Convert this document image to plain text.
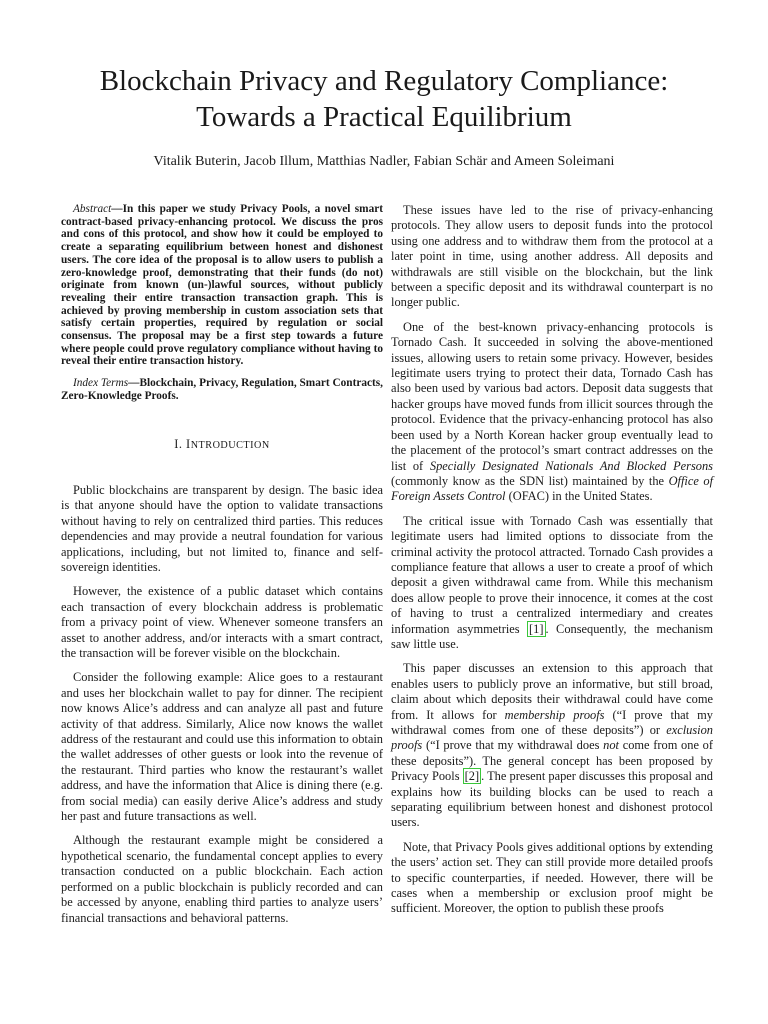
Blockchain Privacy and Regulatory Compliance:
Towards a Practical Equilibrium
Vitalik Buterin, Jacob Illum, Matthias Nadler, Fabian Schär and Ameen Soleimani

Abstract—In this paper we study Privacy Pools, a novel smart contract-based privacy-enhancing protocol. We discuss the pros and cons of this protocol, and show how it could be employed to create a separating equilibrium between honest and dishonest users. The core idea of the proposal is to allow users to publish a zero-knowledge proof, demonstrating that their funds (do not) originate from known (un-)lawful sources, without publicly revealing their entire transaction transaction graph. This is achieved by proving membership in custom association sets that satisfy certain properties, required by regulation or social consensus. The proposal may be a first step towards a future where people could prove regulatory compliance without having to reveal their entire transaction history.

Index Terms—Blockchain, Privacy, Regulation, Smart Contracts, Zero-Knowledge Proofs.

I. INTRODUCTION

Public blockchains are transparent by design. The basic idea is that anyone should have the option to validate transactions without having to rely on centralized third parties. This reduces dependencies and may provide a neutral foundation for various applications, including, but not limited to, finance and self-sovereign identities.

However, the existence of a public dataset which contains each transaction of every blockchain address is problematic from a privacy point of view. Whenever someone transfers an asset to another address, and/or interacts with a smart contract, the transaction will be forever visible on the blockchain.

Consider the following example: Alice goes to a restaurant and uses her blockchain wallet to pay for dinner. The recipient now knows Alice’s address and can analyze all past and future activity of that address. Similarly, Alice now knows the wallet address of the restaurant and could use this information to obtain the wallet addresses of other guests or look into the revenue of the restaurant. Third parties who know the restaurant’s wallet address, and have the information that Alice is dining there (e.g. from social media) can easily derive Alice’s address and study her past and future transactions as well.

Although the restaurant example might be considered a hypothetical scenario, the fundamental concept applies to every transaction conducted on a public blockchain. Each action performed on a public blockchain is publicly recorded and can be accessed by anyone, enabling third parties to analyze users’ financial transactions and behavioral patterns.

These issues have led to the rise of privacy-enhancing protocols. They allow users to deposit funds into the protocol using one address and to withdraw them from the protocol at a later point in time, using another address. All deposits and withdrawals are still visible on the blockchain, but the link between a specific deposit and its withdrawal counterpart is no longer public.

One of the best-known privacy-enhancing protocols is Tornado Cash. It succeeded in solving the above-mentioned issues, allowing users to retain some privacy. However, besides legitimate users trying to protect their data, Tornado Cash has also been used by various bad actors. Deposit data suggests that hacker groups have moved funds from illicit sources through the protocol. Evidence that the privacy-enhancing protocol has also been used by a North Korean hacker group eventually lead to the placement of the protocol’s smart contract addresses on the list of Specially Designated Nationals And Blocked Persons (commonly know as the SDN list) maintained by the Office of Foreign Assets Control (OFAC) in the United States.

The critical issue with Tornado Cash was essentially that legitimate users had limited options to dissociate from the criminal activity the protocol attracted. Tornado Cash provides a compliance feature that allows a user to create a proof of which deposit a given withdrawal came from. While this mechanism does allow people to prove their innocence, it comes at the cost of having to trust a centralized intermediary and creates information asymmetries [1] . Consequently, the mechanism saw little use.

This paper discusses an extension to this approach that enables users to publicly prove an informative, but still broad, claim about which deposits their withdrawal could have come from. It allows for membership proofs (“I prove that my withdrawal comes from one of these deposits”) or exclusion proofs (“I prove that my withdrawal does not come from one of these deposits”). The general concept has been proposed by Privacy Pools [2] . The present paper discusses this proposal and explains how its building blocks can be used to reach a separating equilibrium between honest and dishonest protocol users.

Note, that Privacy Pools gives additional options by extending the users’ action set. They can still provide more detailed proofs to specific counterparties, if needed. However, there will be cases when a membership or exclusion proof might be sufficient. Moreover, the option to publish these proofs
